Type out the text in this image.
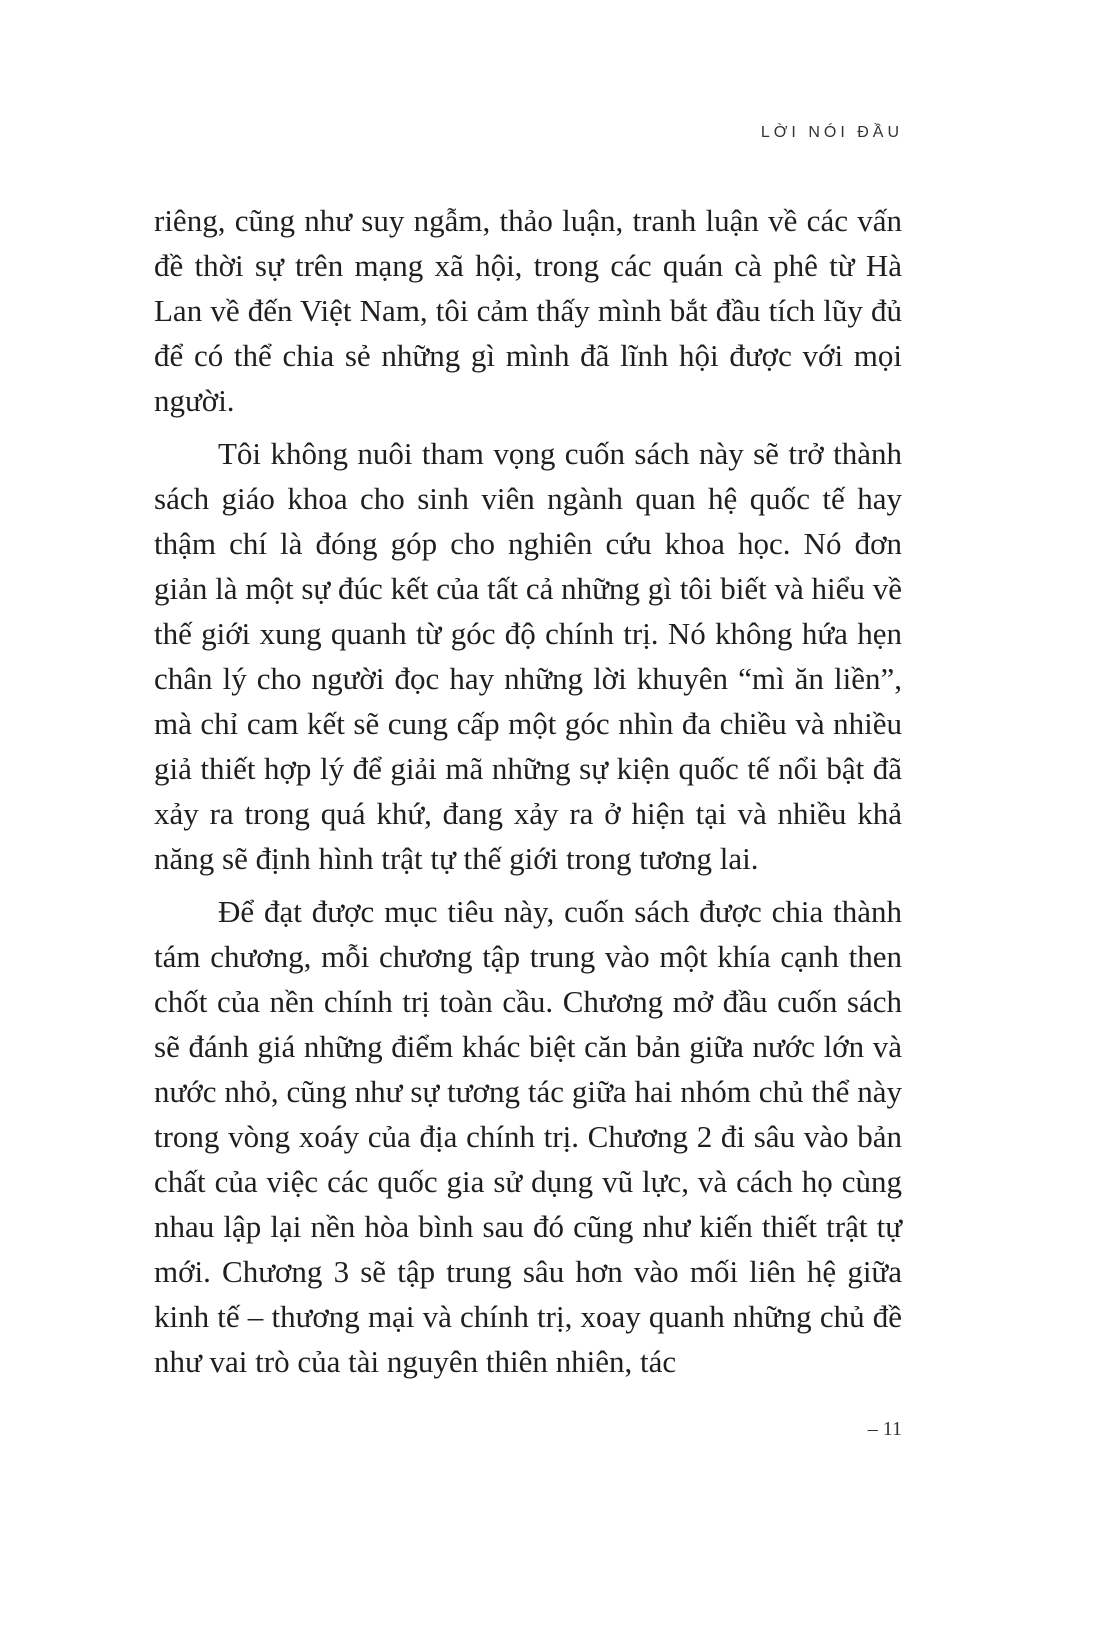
LỜI NÓI ĐẦU

riêng, cũng như suy ngẫm, thảo luận, tranh luận về các vấn đề thời sự trên mạng xã hội, trong các quán cà phê từ Hà Lan về đến Việt Nam, tôi cảm thấy mình bắt đầu tích lũy đủ để có thể chia sẻ những gì mình đã lĩnh hội được với mọi người.

Tôi không nuôi tham vọng cuốn sách này sẽ trở thành sách giáo khoa cho sinh viên ngành quan hệ quốc tế hay thậm chí là đóng góp cho nghiên cứu khoa học. Nó đơn giản là một sự đúc kết của tất cả những gì tôi biết và hiểu về thế giới xung quanh từ góc độ chính trị. Nó không hứa hẹn chân lý cho người đọc hay những lời khuyên “mì ăn liền”, mà chỉ cam kết sẽ cung cấp một góc nhìn đa chiều và nhiều giả thiết hợp lý để giải mã những sự kiện quốc tế nổi bật đã xảy ra trong quá khứ, đang xảy ra ở hiện tại và nhiều khả năng sẽ định hình trật tự thế giới trong tương lai.

Để đạt được mục tiêu này, cuốn sách được chia thành tám chương, mỗi chương tập trung vào một khía cạnh then chốt của nền chính trị toàn cầu. Chương mở đầu cuốn sách sẽ đánh giá những điểm khác biệt căn bản giữa nước lớn và nước nhỏ, cũng như sự tương tác giữa hai nhóm chủ thể này trong vòng xoáy của địa chính trị. Chương 2 đi sâu vào bản chất của việc các quốc gia sử dụng vũ lực, và cách họ cùng nhau lập lại nền hòa bình sau đó cũng như kiến thiết trật tự mới. Chương 3 sẽ tập trung sâu hơn vào mối liên hệ giữa kinh tế – thương mại và chính trị, xoay quanh những chủ đề như vai trò của tài nguyên thiên nhiên, tác

– 11
